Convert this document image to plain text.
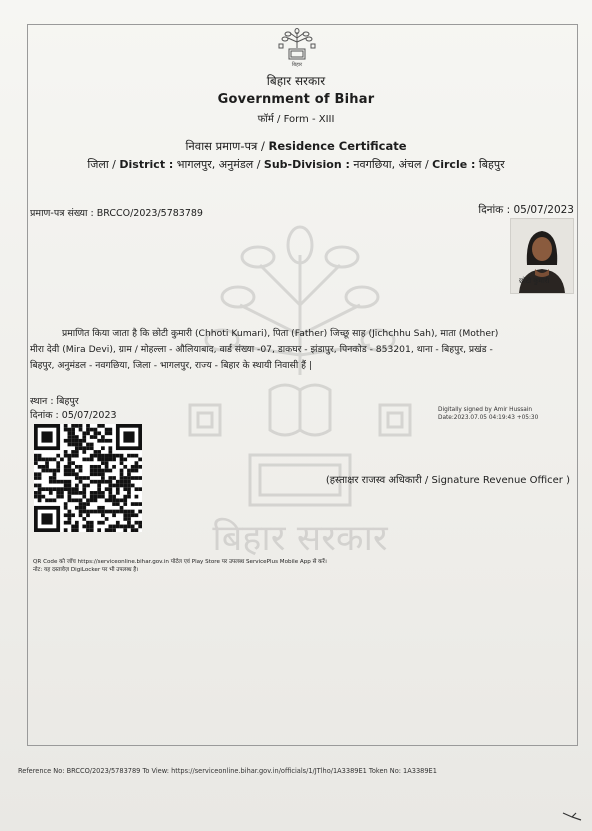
बिहार
बिहार सरकार
Government of Bihar
फॉर्म / Form - XIII
निवास प्रमाण-पत्र / Residence Certificate
जिला / District : भागलपुर, अनुमंडल / Sub-Division : नवगछिया, अंचल / Circle : बिहपुर
प्रमाण-पत्र संख्या : BRCCO/2023/5783789	दिनांक : 05/07/2023
छोटी कुमारी
बिहार सरकार
प्रमाणित किया जाता है कि छोटी कुमारी (Chhoti Kumari), पिता (Father) जिच्छू साह (Jichchhu Sah), माता (Mother)
मीरा देवी (Mira Devi), ग्राम / मोहल्ला - औलियाबाद, वार्ड संख्या -07, डाकघर - झंडापुर, पिनकोड - 853201, थाना - बिहपुर, प्रखंड -
बिहपुर, अनुमंडल - नवगछिया, जिला - भागलपुर, राज्य - बिहार के स्थायी निवासी हैं |
स्थान : बिहपुर
दिनांक : 05/07/2023	Digitally signed by Amir Hussain
Date:2023.07.05 04:19:43 +05:30
(हस्ताक्षर राजस्व अधिकारी / Signature Revenue Officer )
QR Code को जाँच https://serviceonline.bihar.gov.in पोर्टल एवं Play Store पर उपलब्ध ServicePlus Mobile App से करें।
नोट: यह दस्तावेज़ DigiLocker पर भी उपलब्ध है।
Reference No: BRCCO/2023/5783789 To View: https://serviceonline.bihar.gov.in/officials/1/JTlho/1A3389E1 Token No: 1A3389E1
